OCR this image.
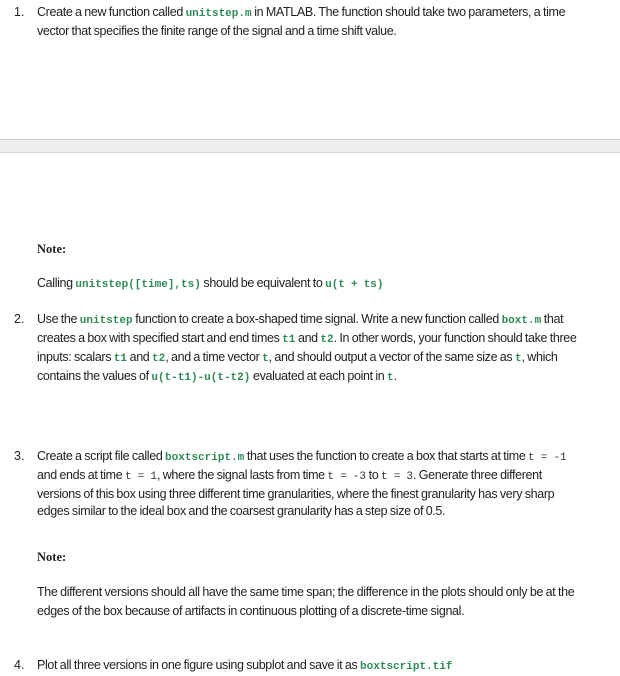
1. Create a new function called unitstep.m in MATLAB. The function should take two parameters, a time vector that specifies the finite range of the signal and a time shift value.
Note:
Calling unitstep([time],ts) should be equivalent to u(t + ts)
2. Use the unitstep function to create a box-shaped time signal. Write a new function called boxt.m that creates a box with specified start and end times t1 and t2. In other words, your function should take three inputs: scalars t1 and t2, and a time vector t, and should output a vector of the same size as t, which contains the values of u(t-t1)-u(t-t2) evaluated at each point in t.
3. Create a script file called boxtscript.m that uses the function to create a box that starts at time t = -1 and ends at time t = 1, where the signal lasts from time t = -3 to t = 3. Generate three different versions of this box using three different time granularities, where the finest granularity has very sharp edges similar to the ideal box and the coarsest granularity has a step size of 0.5.
Note:
The different versions should all have the same time span; the difference in the plots should only be at the edges of the box because of artifacts in continuous plotting of a discrete-time signal.
4. Plot all three versions in one figure using subplot and save it as boxtscript.tif
